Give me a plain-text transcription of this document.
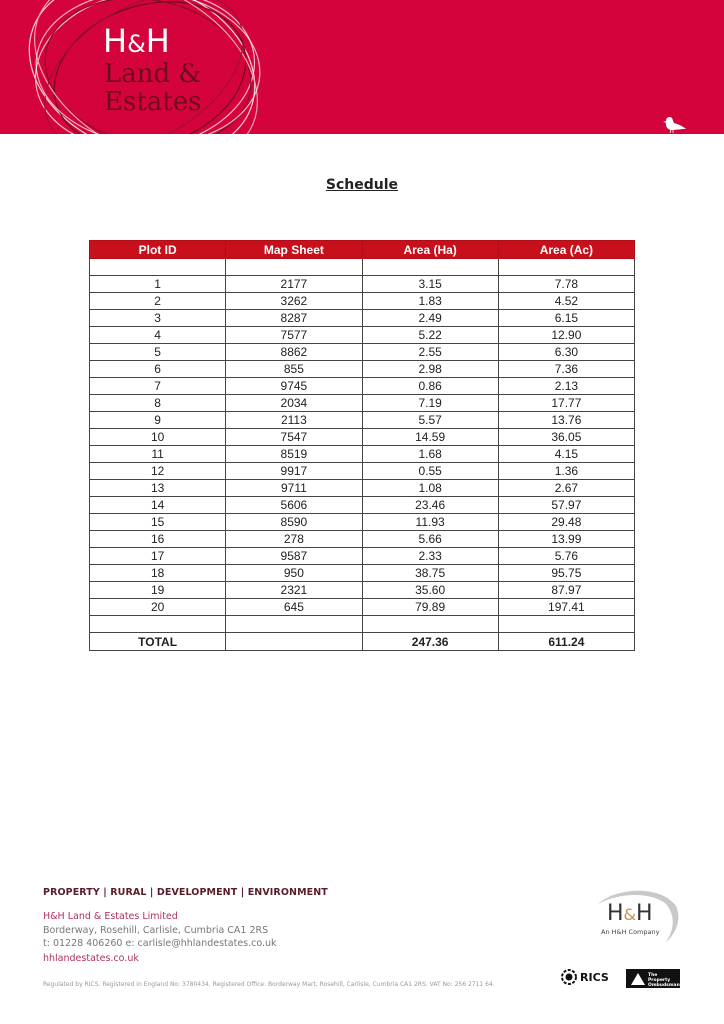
H&H
Land &
Estates
Schedule
Plot ID	Map Sheet	Area (Ha)	Area (Ac)

1	2177	3.15	7.78
2	3262	1.83	4.52
3	8287	2.49	6.15
4	7577	5.22	12.90
5	8862	2.55	6.30
6	855	2.98	7.36
7	9745	0.86	2.13
8	2034	7.19	17.77
9	2113	5.57	13.76
10	7547	14.59	36.05
11	8519	1.68	4.15
12	9917	0.55	1.36
13	9711	1.08	2.67
14	5606	23.46	57.97
15	8590	11.93	29.48
16	278	5.66	13.99
17	9587	2.33	5.76
18	950	38.75	95.75
19	2321	35.60	87.97
20	645	79.89	197.41

TOTAL		247.36	611.24
PROPERTY | RURAL | DEVELOPMENT | ENVIRONMENT
H&H Land & Estates Limited
Borderway, Rosehill, Carlisle, Cumbria CA1 2RS
t: 01228 406260 e: carlisle@hhlandestates.co.uk
hhlandestates.co.uk
Regulated by RICS. Registered in England No: 3780434. Registered Office: Borderway Mart, Rosehill, Carlisle, Cumbria CA1 2RS. VAT No: 256 2711 64.
H&H
An H&H Company
RICS	The Property Ombudsman
